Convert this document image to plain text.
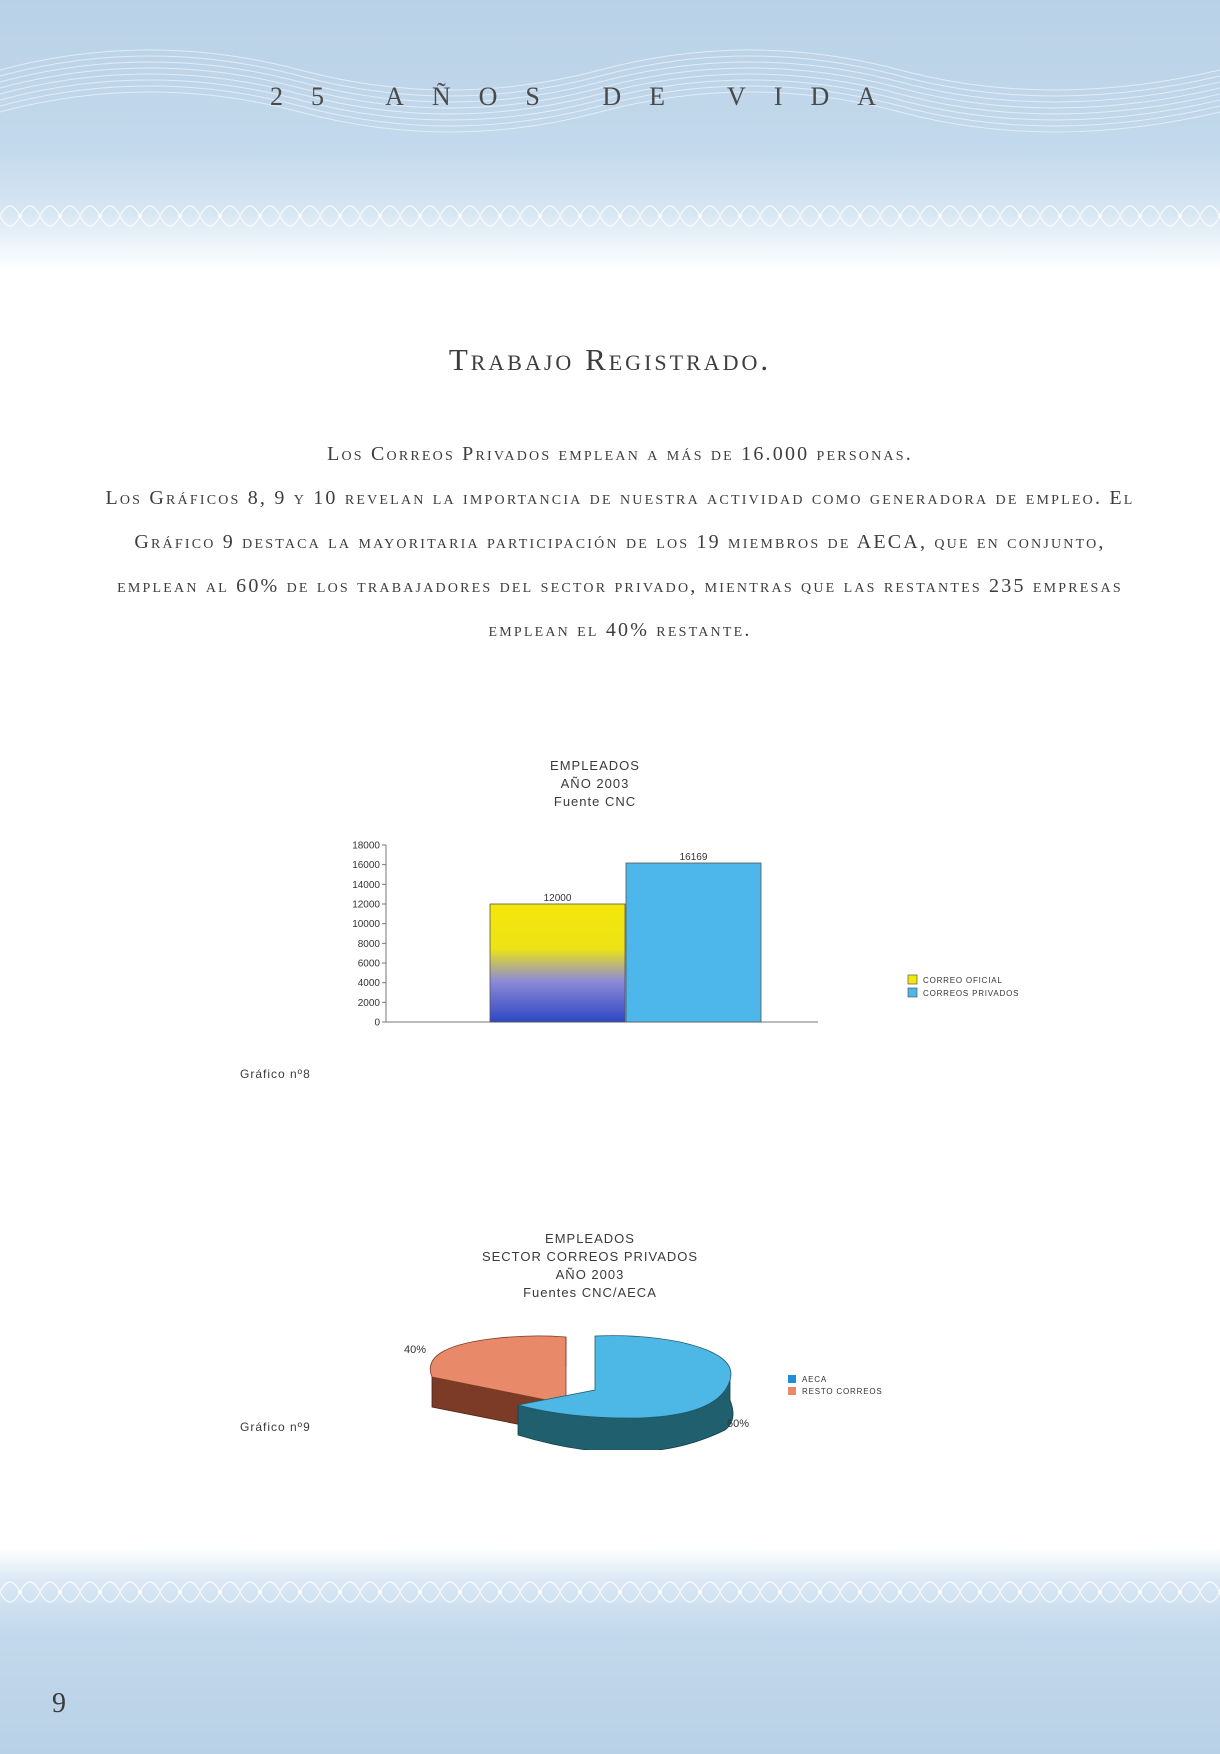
25 AÑOS DE VIDA
Trabajo Registrado.

Los Correos Privados emplean a más de 16.000 personas.

Los Gráficos 8, 9 y 10 revelan la importancia de nuestra actividad como generadora de empleo. El Gráfico 9 destaca la mayoritaria participación de los 19 miembros de AECA, que en conjunto, emplean al 60% de los trabajadores del sector privado, mientras que las restantes 235 empresas emplean el 40% restante.

EMPLEADOS
AÑO 2003
Fuente CNC
0
2000
4000
6000
8000
10000
12000
14000
16000
18000
12000
16169
CORREO OFICIAL
CORREOS PRIVADOS
Gráfico nº8
EMPLEADOS
SECTOR CORREOS PRIVADOS
AÑO 2003
Fuentes CNC/AECA
40%
60%
AECA
RESTO CORREOS
Gráfico nº9
9
